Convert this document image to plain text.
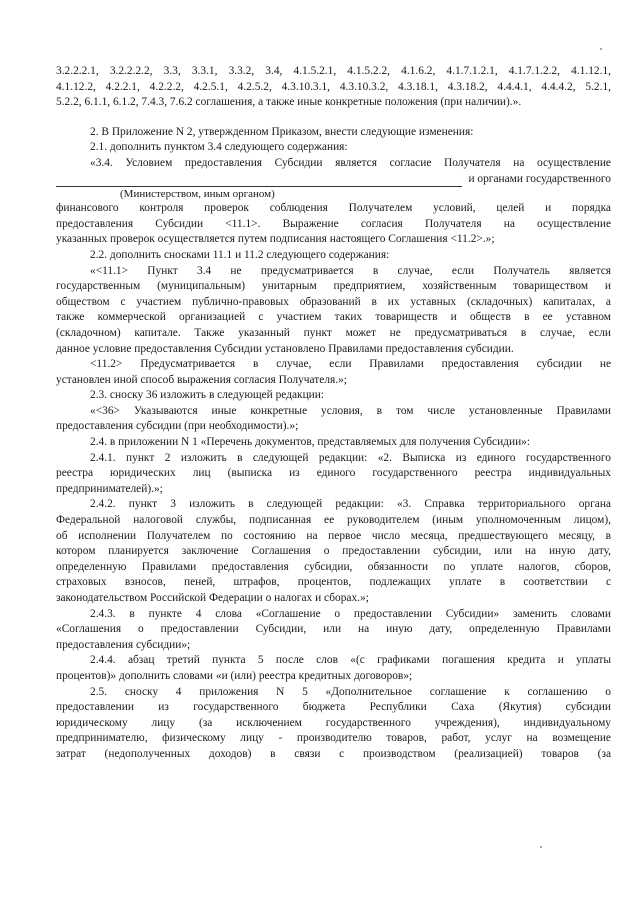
3.2.2.2.1, 3.2.2.2.2, 3.3, 3.3.1, 3.3.2, 3.4, 4.1.5.2.1, 4.1.5.2.2, 4.1.6.2, 4.1.7.1.2.1, 4.1.7.1.2.2, 4.1.12.1,
4.1.12.2, 4.2.2.1, 4.2.2.2, 4.2.5.1, 4.2.5.2, 4.3.10.3.1, 4.3.10.3.2, 4.3.18.1, 4.3.18.2, 4.4.4.1, 4.4.4.2, 5.2.1,
5.2.2, 6.1.1, 6.1.2, 7.4.3, 7.6.2 соглашения, а также иные конкретные положения (при наличии).».
2. В Приложение N 2, утвержденном Приказом, внести следующие изменения:
2.1. дополнить пунктом 3.4 следующего содержания:
«3.4. Условием предоставления Субсидии является согласие Получателя на осуществление
и органами государственного
(Министерством, иным органом)
финансового контроля проверок соблюдения Получателем условий, целей и порядка
предоставления Субсидии <11.1>. Выражение согласия Получателя на осуществление
указанных проверок осуществляется путем подписания настоящего Соглашения <11.2>.»;
2.2. дополнить сносками 11.1 и 11.2 следующего содержания:
«<11.1> Пункт 3.4 не предусматривается в случае, если Получатель является
государственным (муниципальным) унитарным предприятием, хозяйственным товариществом и
обществом с участием публично-правовых образований в их уставных (складочных) капиталах, а
также коммерческой организацией с участием таких товариществ и обществ в ее уставном
(складочном) капитале. Также указанный пункт может не предусматриваться в случае, если
данное условие предоставления Субсидии установлено Правилами предоставления субсидии.
<11.2> Предусматривается в случае, если Правилами предоставления субсидии не
установлен иной способ выражения согласия Получателя.»;
2.3. сноску 36 изложить в следующей редакции:
«<36> Указываются иные конкретные условия, в том числе установленные Правилами
предоставления субсидии (при необходимости).»;
2.4. в приложении N 1 «Перечень документов, представляемых для получения Субсидии»:
2.4.1. пункт 2 изложить в следующей редакции: «2. Выписка из единого государственного
реестра юридических лиц (выписка из единого государственного реестра индивидуальных
предпринимателей).»;
2.4.2. пункт 3 изложить в следующей редакции: «3. Справка территориального органа
Федеральной налоговой службы, подписанная ее руководителем (иным уполномоченным лицом),
об исполнении Получателем по состоянию на первое число месяца, предшествующего месяцу, в
котором планируется заключение Соглашения о предоставлении субсидии, или на иную дату,
определенную Правилами предоставления субсидии, обязанности по уплате налогов, сборов,
страховых взносов, пеней, штрафов, процентов, подлежащих уплате в соответствии с
законодательством Российской Федерации о налогах и сборах.»;
2.4.3. в пункте 4 слова «Соглашение о предоставлении Субсидии» заменить словами
«Соглашения о предоставлении Субсидии, или на иную дату, определенную Правилами
предоставления субсидии»;
2.4.4. абзац третий пункта 5 после слов «(с графиками погашения кредита и уплаты
процентов)» дополнить словами «и (или) реестра кредитных договоров»;
2.5. сноску 4 приложения N 5 «Дополнительное соглашение к соглашению о
предоставлении из государственного бюджета Республики Саха (Якутия) субсидии
юридическому лицу (за исключением государственного учреждения), индивидуальному
предпринимателю, физическому лицу - производителю товаров, работ, услуг на возмещение
затрат (недополученных доходов) в связи с производством (реализацией) товаров (за
